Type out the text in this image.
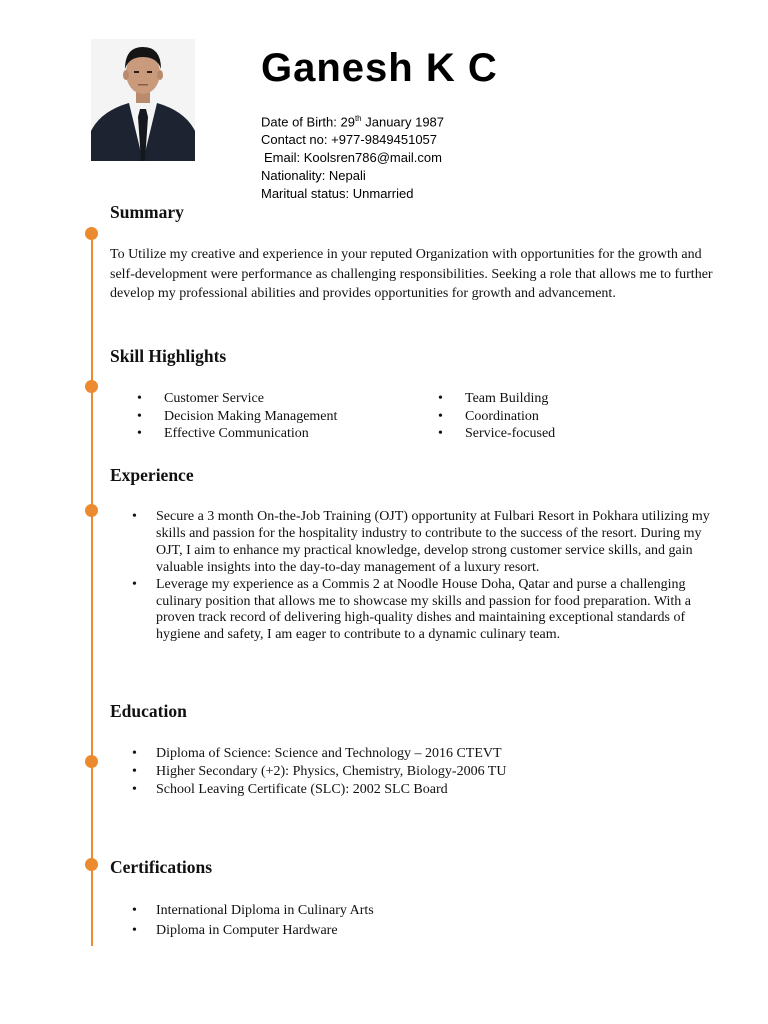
Ganesh K C
Date of Birth: 29th January 1987
Contact no: +977-9849451057
Email: Koolsren786@mail.com
Nationality: Nepali
Maritual status: Unmarried
Summary

To Utilize my creative and experience in your reputed Organization with opportunities for the growth and self-development were performance as challenging responsibilities. Seeking a role that allows me to further develop my professional abilities and provides opportunities for growth and advancement.

Skill Highlights
• Customer Service
• Decision Making Management
• Effective Communication
• Team Building
• Coordination
• Service-focused
Experience
• Secure a 3 month On-the-Job Training (OJT) opportunity at Fulbari Resort in Pokhara utilizing my skills and passion for the hospitality industry to contribute to the success of the resort. During my OJT, I aim to enhance my practical knowledge, develop strong customer service skills, and gain valuable insights into the day-to-day management of a luxury resort.
• Leverage my experience as a Commis 2 at Noodle House Doha, Qatar and purse a challenging culinary position that allows me to showcase my skills and passion for food preparation. With a proven track record of delivering high-quality dishes and maintaining exceptional standards of hygiene and safety, I am eager to contribute to a dynamic culinary team.
Education
• Diploma of Science: Science and Technology – 2016 CTEVT
• Higher Secondary (+2): Physics, Chemistry, Biology-2006 TU
• School Leaving Certificate (SLC): 2002 SLC Board
Certifications
• International Diploma in Culinary Arts
• Diploma in Computer Hardware
